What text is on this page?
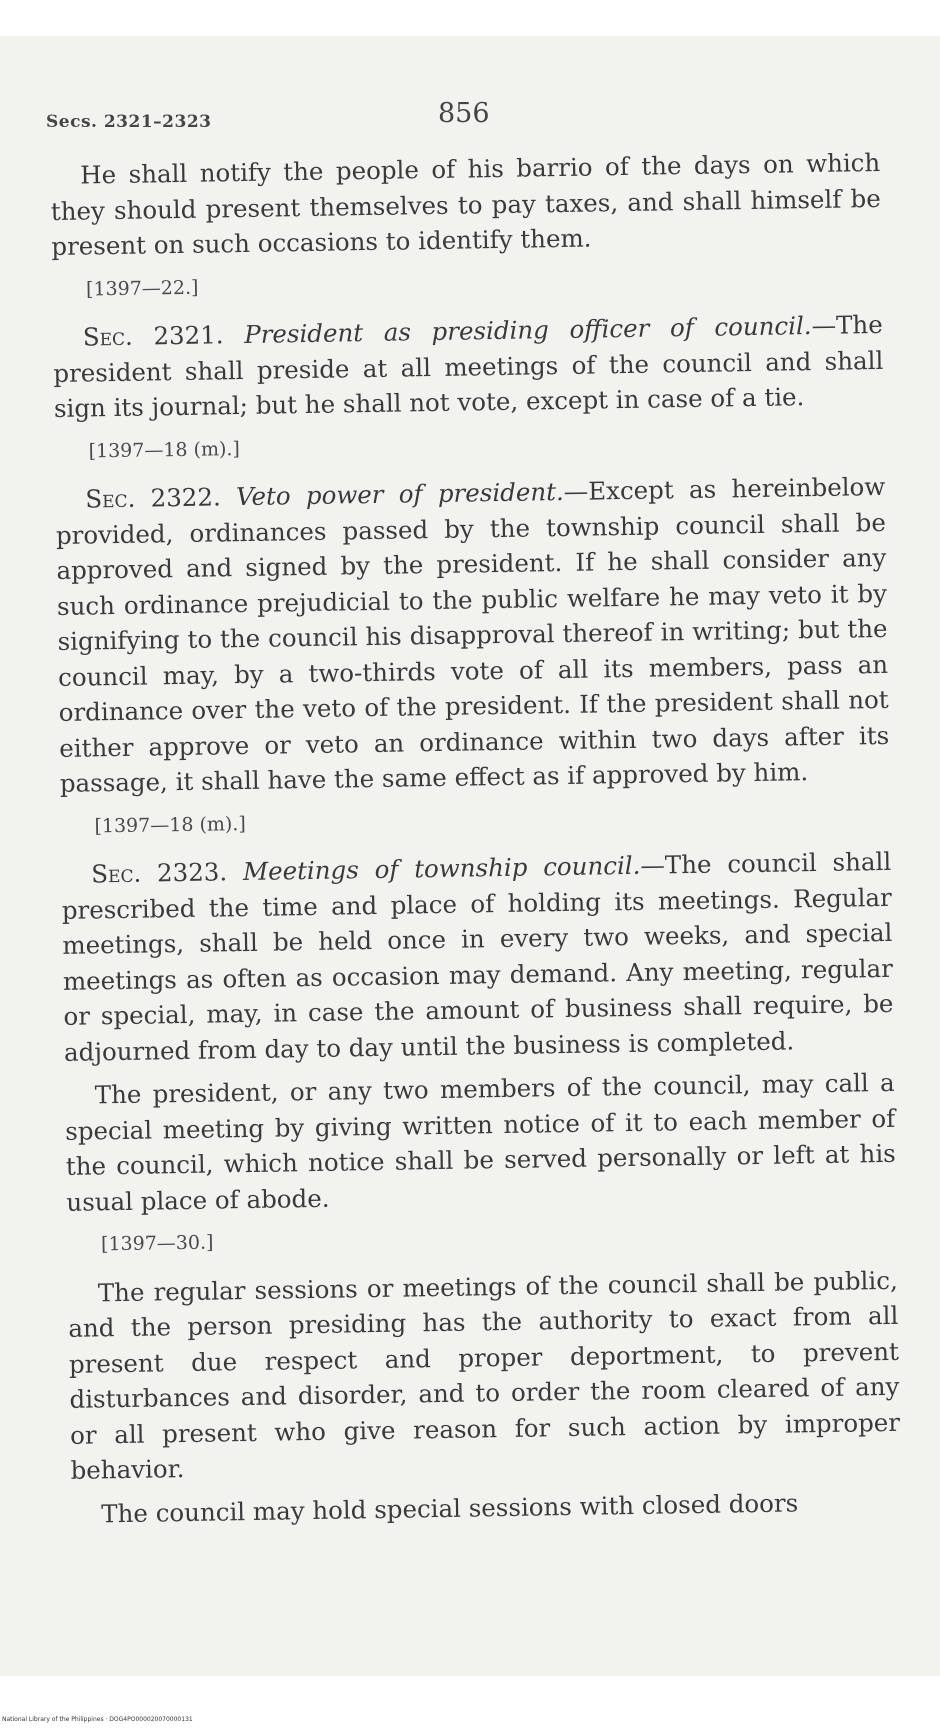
Secs. 2321–2323	856

He shall notify the people of his barrio of the days on which they should present themselves to pay taxes, and shall himself be present on such occasions to identify them.

[1397—22.]

Sec. 2321. President as presiding officer of council.—The president shall preside at all meetings of the council and shall sign its journal; but he shall not vote, except in case of a tie.

[1397—18 (m).]

Sec. 2322. Veto power of president.—Except as hereinbelow provided, ordinances passed by the township council shall be approved and signed by the president. If he shall consider any such ordinance prejudicial to the public welfare he may veto it by signifying to the council his disapproval thereof in writing; but the council may, by a two-thirds vote of all its members, pass an ordinance over the veto of the president. If the president shall not either approve or veto an ordinance within two days after its passage, it shall have the same effect as if approved by him.

[1397—18 (m).]

Sec. 2323. Meetings of township council.—The council shall prescribed the time and place of holding its meetings. Regular meetings, shall be held once in every two weeks, and special meetings as often as occasion may demand. Any meeting, regular or special, may, in case the amount of business shall require, be adjourned from day to day until the business is completed.

The president, or any two members of the council, may call a special meeting by giving written notice of it to each member of the council, which notice shall be served personally or left at his usual place of abode.

[1397—30.]

The regular sessions or meetings of the council shall be public, and the person presiding has the authority to exact from all present due respect and proper deportment, to prevent disturbances and disorder, and to order the room cleared of any or all present who give reason for such action by improper behavior.

The council may hold special sessions with closed doors

National Library of the Philippines · DOG4PO000020070000131
